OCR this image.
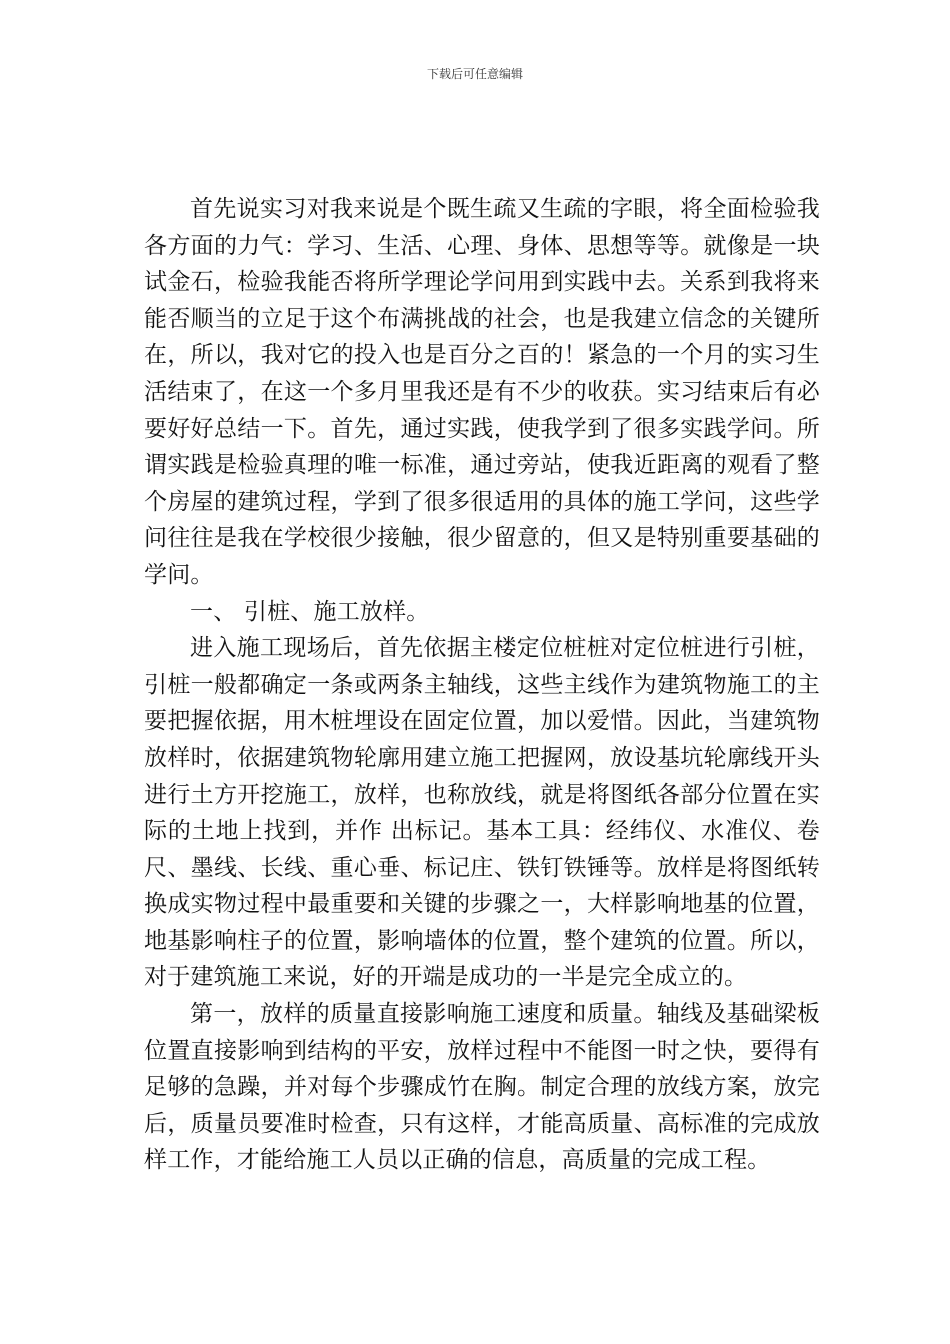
下载后可任意编辑

首先说实习对我来说是个既生疏又生疏的字眼，将全面检验我各方面的力气：学习、生活、心理、身体、思想等等。就像是一块试金石，检验我能否将所学理论学问用到实践中去。关系到我将来能否顺当的立足于这个布满挑战的社会，也是我建立信念的关键所在，所以，我对它的投入也是百分之百的！紧急的一个月的实习生活结束了，在这一个多月里我还是有不少的收获。实习结束后有必要好好总结一下。首先，通过实践，使我学到了很多实践学问。所谓实践是检验真理的唯一标准，通过旁站，使我近距离的观看了整个房屋的建筑过程，学到了很多很适用的具体的施工学问，这些学问往往是我在学校很少接触，很少留意的，但又是特别重要基础的学问。

一、 引桩、施工放样。

进入施工现场后，首先依据主楼定位桩桩对定位桩进行引桩，引桩一般都确定一条或两条主轴线，这些主线作为建筑物施工的主要把握依据，用木桩埋设在固定位置，加以爱惜。因此，当建筑物放样时，依据建筑物轮廓用建立施工把握网，放设基坑轮廓线开头进行土方开挖施工，放样，也称放线，就是将图纸各部分位置在实际的土地上找到，并作 出标记。基本工具：经纬仪、水准仪、卷尺、墨线、长线、重心垂、标记庄、铁钉铁锤等。放样是将图纸转换成实物过程中最重要和关键的步骤之一，大样影响地基的位置，地基影响柱子的位置，影响墙体的位置，整个建筑的位置。所以，对于建筑施工来说，好的开端是成功的一半是完全成立的。

第一，放样的质量直接影响施工速度和质量。轴线及基础梁板位置直接影响到结构的平安，放样过程中不能图一时之快，要得有足够的急躁，并对每个步骤成竹在胸。制定合理的放线方案，放完后，质量员要准时检查，只有这样，才能高质量、高标准的完成放样工作，才能给施工人员以正确的信息，高质量的完成工程。
